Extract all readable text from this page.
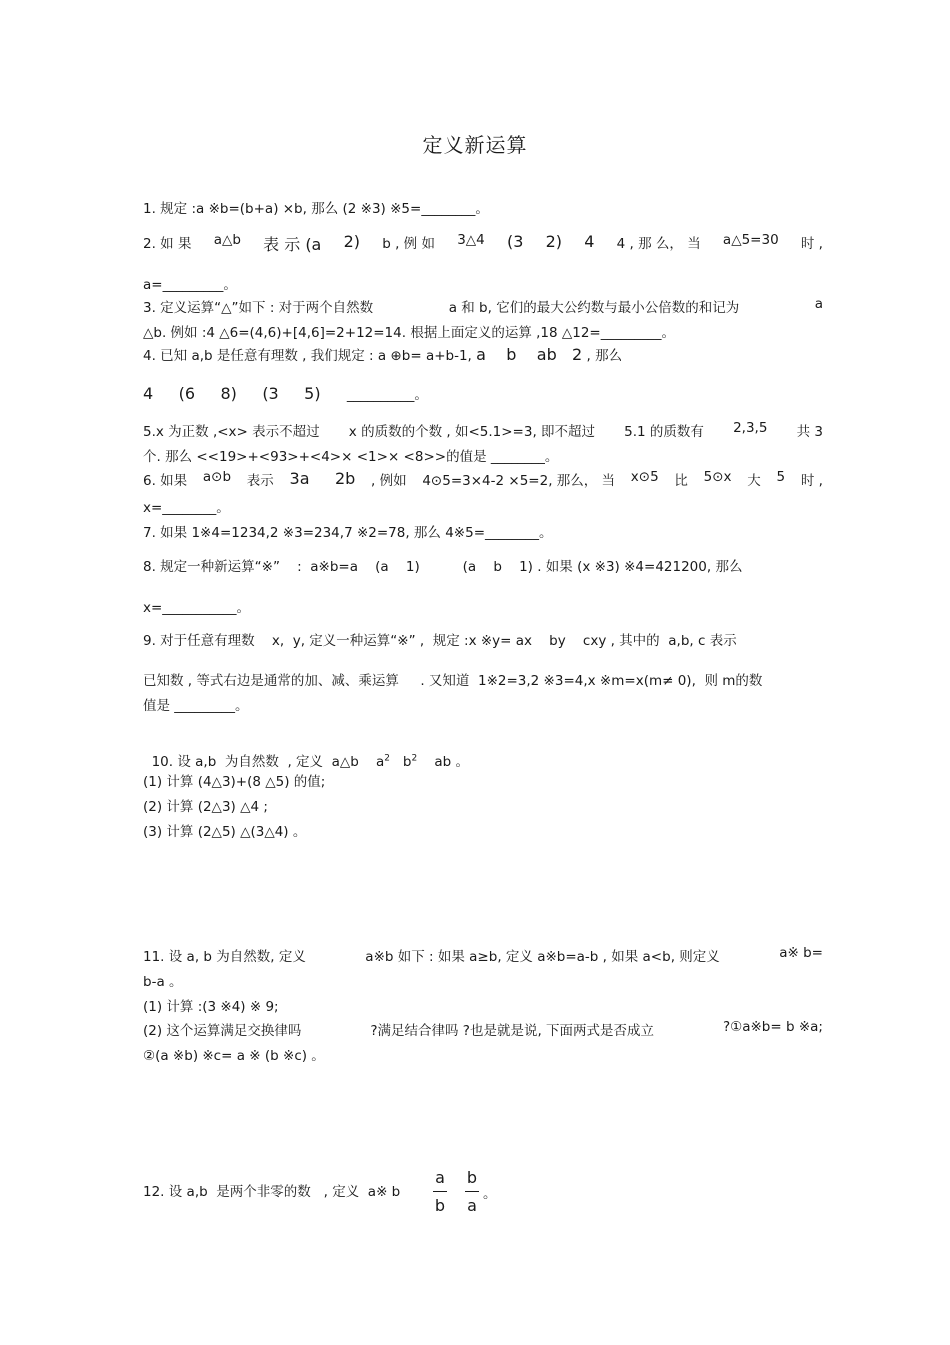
定义新运算
1. 规定 :a ※b=(b+a) ×b, 那么 (2 ※3) ※5=________。
2. 如 果 a△b 表 示 (a 2) b , 例 如 3△4 (3 2) 4 4 , 那 么， 当 a△5=30 时 ,
a=_________。
3. 定义运算“△”如下 : 对于两个自然数	a 和 b, 它们的最大公约数与最小公倍数的和记为	a
△b. 例如 :4 △6=(4,6)+[4,6]=2+12=14. 根据上面定义的运算 ,18 △12=_________。
4. 已知 a,b 是任意有理数 , 我们规定 : a ⊕b= a+b-1, a    b    ab   2 , 那么
4     (6     8)     (3     5) __________。
5.x 为正数 ,<x> 表示不超过 x 的质数的个数 , 如<5.1>=3, 即不超过 5.1 的质数有 2,3,5 共 3
个. 那么 <<19>+<93>+<4>× <1>× <8>>的值是 ________。
6. 如果 a⊙b 表示 3a     2b , 例如 4⊙5=3×4-2 ×5=2, 那么， 当 x⊙5 比 5⊙x 大 5 时 ,
x=________。
7. 如果 1※4=1234,2 ※3=234,7 ※2=78, 那么 4※5=________。
8. 规定一种新运算“※”    :  a※b=a    (a    1)          (a    b    1) . 如果 (x ※3) ※4=421200, 那么
x=___________。
9. 对于任意有理数    x,  y, 定义一种运算“※” ,  规定 :x ※y= ax    by    cxy , 其中的  a,b, c 表示
已知数 , 等式右边是通常的加、减、乘运算     . 又知道  1※2=3,2 ※3=4,x ※m=x(m≠ 0),  则 m的数
值是 _________。

10. 设 a,b  为自然数  , 定义  a△b    $a^2$   $b^2$    ab 。

(1) 计算 (4△3)+(8 △5) 的值;
(2) 计算 (2△3) △4 ;
(3) 计算 (2△5) △(3△4) 。
11. 设 a, b 为自然数, 定义	a※b 如下 : 如果 a≥b, 定义 a※b=a-b , 如果 a<b, 则定义	a※ b=
b-a 。
(1) 计算 :(3 ※4) ※ 9;
(2) 这个运算满足交换律吗	?满足结合律吗 ?也是就是说, 下面两式是否成立	?①a※b= b ※a;
②(a ※b) ※c= a ※ (b ※c) 。
12. 设 a,b  是两个非零的数   , 定义  a※ b
a
b
b
a
。
